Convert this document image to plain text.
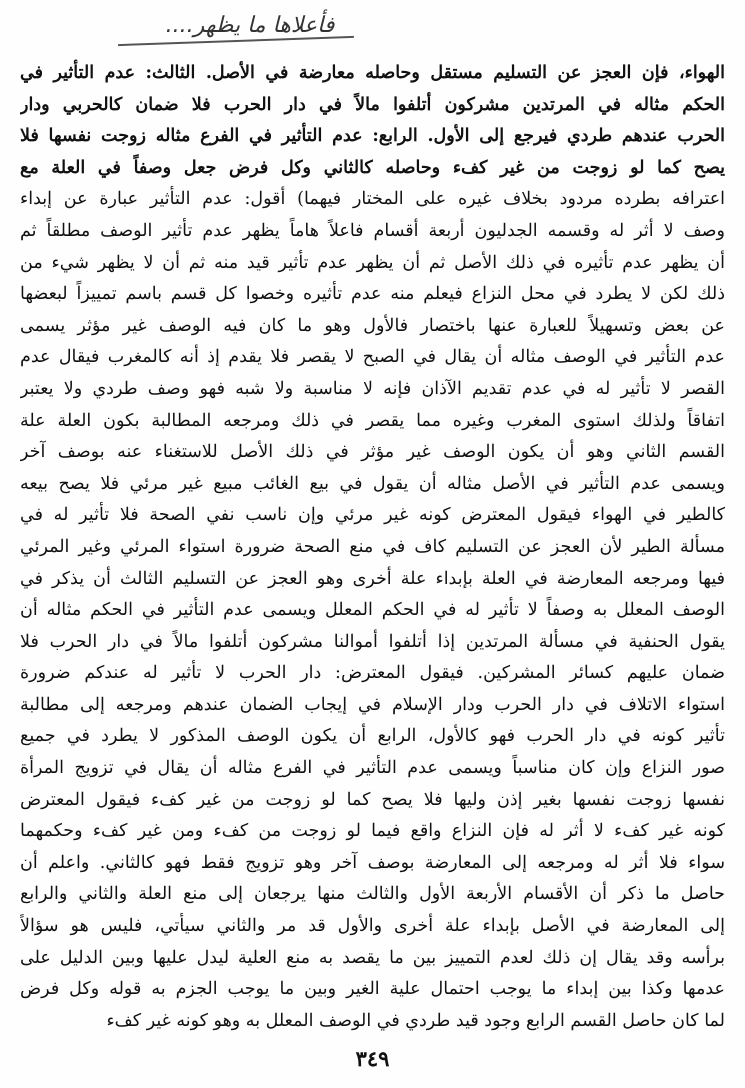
فأعلاها ما يظهر....
الهواء، فإن العجز عن التسليم مستقل وحاصله معارضة في الأصل. الثالث: عدم التأثير في
الحكم مثاله في المرتدين مشركون أتلفوا مالاً في دار الحرب فلا ضمان كالحربي ودار
الحرب عندهم طردي فيرجع إلى الأول. الرابع: عدم التأثير في الفرع مثاله زوجت نفسها فلا
يصح كما لو زوجت من غير كفء وحاصله كالثاني وكل فرض جعل وصفاً في العلة مع
اعترافه بطرده مردود بخلاف غيره على المختار فيهما) أقول: عدم التأثير عبارة عن إبداء
وصف لا أثر له وقسمه الجدليون أربعة أقسام فاعلاً هاماً يظهر عدم تأثير الوصف مطلقاً ثم
أن يظهر عدم تأثيره في ذلك الأصل ثم أن يظهر عدم تأثير قيد منه ثم أن لا يظهر شيء من
ذلك لكن لا يطرد في محل النزاع فيعلم منه عدم تأثيره وخصوا كل قسم باسم تمييزاً لبعضها
عن بعض وتسهيلاً للعبارة عنها باختصار فالأول وهو ما كان فيه الوصف غير مؤثر يسمى
عدم التأثير في الوصف مثاله أن يقال في الصبح لا يقصر فلا يقدم إذ أنه كالمغرب فيقال عدم
القصر لا تأثير له في عدم تقديم الآذان فإنه لا مناسبة ولا شبه فهو وصف طردي ولا يعتبر
اتفاقاً ولذلك استوى المغرب وغيره مما يقصر في ذلك ومرجعه المطالبة بكون العلة علة
القسم الثاني وهو أن يكون الوصف غير مؤثر في ذلك الأصل للاستغناء عنه بوصف آخر
ويسمى عدم التأثير في الأصل مثاله أن يقول في بيع الغائب مبيع غير مرئي فلا يصح بيعه
كالطير في الهواء فيقول المعترض كونه غير مرئي وإن ناسب نفي الصحة فلا تأثير له في
مسألة الطير لأن العجز عن التسليم كاف في منع الصحة ضرورة استواء المرئي وغير المرئي
فيها ومرجعه المعارضة في العلة بإبداء علة أخرى وهو العجز عن التسليم الثالث أن يذكر في
الوصف المعلل به وصفاً لا تأثير له في الحكم المعلل ويسمى عدم التأثير في الحكم مثاله أن
يقول الحنفية في مسألة المرتدين إذا أتلفوا أموالنا مشركون أتلفوا مالاً في دار الحرب فلا
ضمان عليهم كسائر المشركين. فيقول المعترض: دار الحرب لا تأثير له عندكم ضرورة
استواء الاتلاف في دار الحرب ودار الإسلام في إيجاب الضمان عندهم ومرجعه إلى مطالبة
تأثير كونه في دار الحرب فهو كالأول، الرابع أن يكون الوصف المذكور لا يطرد في جميع
صور النزاع وإن كان مناسباً ويسمى عدم التأثير في الفرع مثاله أن يقال في تزويج المرأة
نفسها زوجت نفسها بغير إذن وليها فلا يصح كما لو زوجت من غير كفء فيقول المعترض
كونه غير كفء لا أثر له فإن النزاع واقع فيما لو زوجت من كفء ومن غير كفء وحكمهما
سواء فلا أثر له ومرجعه إلى المعارضة بوصف آخر وهو تزويج فقط فهو كالثاني. واعلم أن
حاصل ما ذكر أن الأقسام الأربعة الأول والثالث منها يرجعان إلى منع العلة والثاني والرابع
إلى المعارضة في الأصل بإبداء علة أخرى والأول قد مر والثاني سيأتي، فليس هو سؤالاً
برأسه وقد يقال إن ذلك لعدم التمييز بين ما يقصد به منع العلية ليدل عليها وبين الدليل على
عدمها وكذا بين إبداء ما يوجب احتمال علية الغير وبين ما يوجب الجزم به قوله وكل فرض
لما كان حاصل القسم الرابع وجود قيد طردي في الوصف المعلل به وهو كونه غير كفء
٣٤٩
